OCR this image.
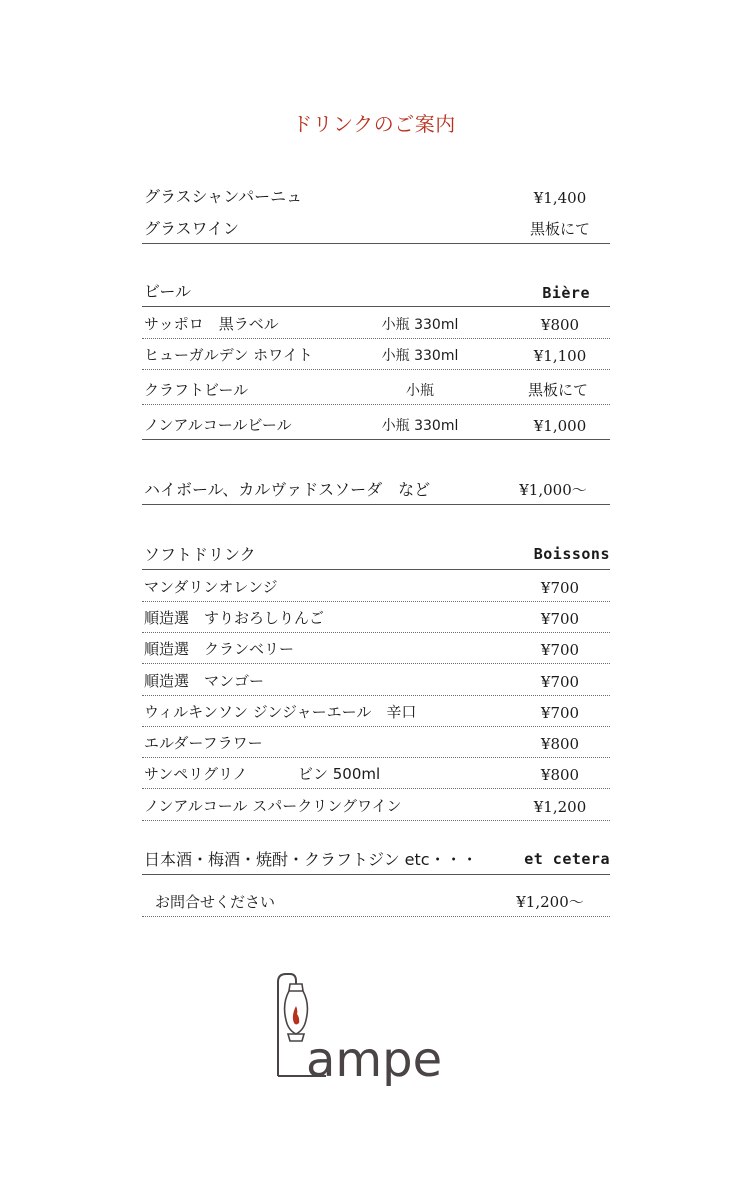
ドリンクのご案内
グラスシャンパーニュ	¥1,400
グラスワイン	黒板にて
ビール	Bière
サッポロ　黒ラベル	小瓶 330ml	¥800
ヒューガルデン ホワイト	小瓶 330ml	¥1,100
クラフトビール	小瓶	黒板にて
ノンアルコールビール	小瓶 330ml	¥1,000
ハイボール、カルヴァドスソーダ　など	¥1,000〜
ソフトドリンク	Boissons
マンダリンオレンジ	¥700
順造選　すりおろしりんご	¥700
順造選　クランベリー	¥700
順造選　マンゴー	¥700
ウィルキンソン ジンジャーエール　辛口	¥700
エルダーフラワー	¥800
サンペリグリノ	ビン 500ml	¥800
ノンアルコール スパークリングワイン	¥1,200
日本酒・梅酒・焼酎・クラフトジン etc・・・	et cetera
お問合せください	¥1,200〜
ampe
